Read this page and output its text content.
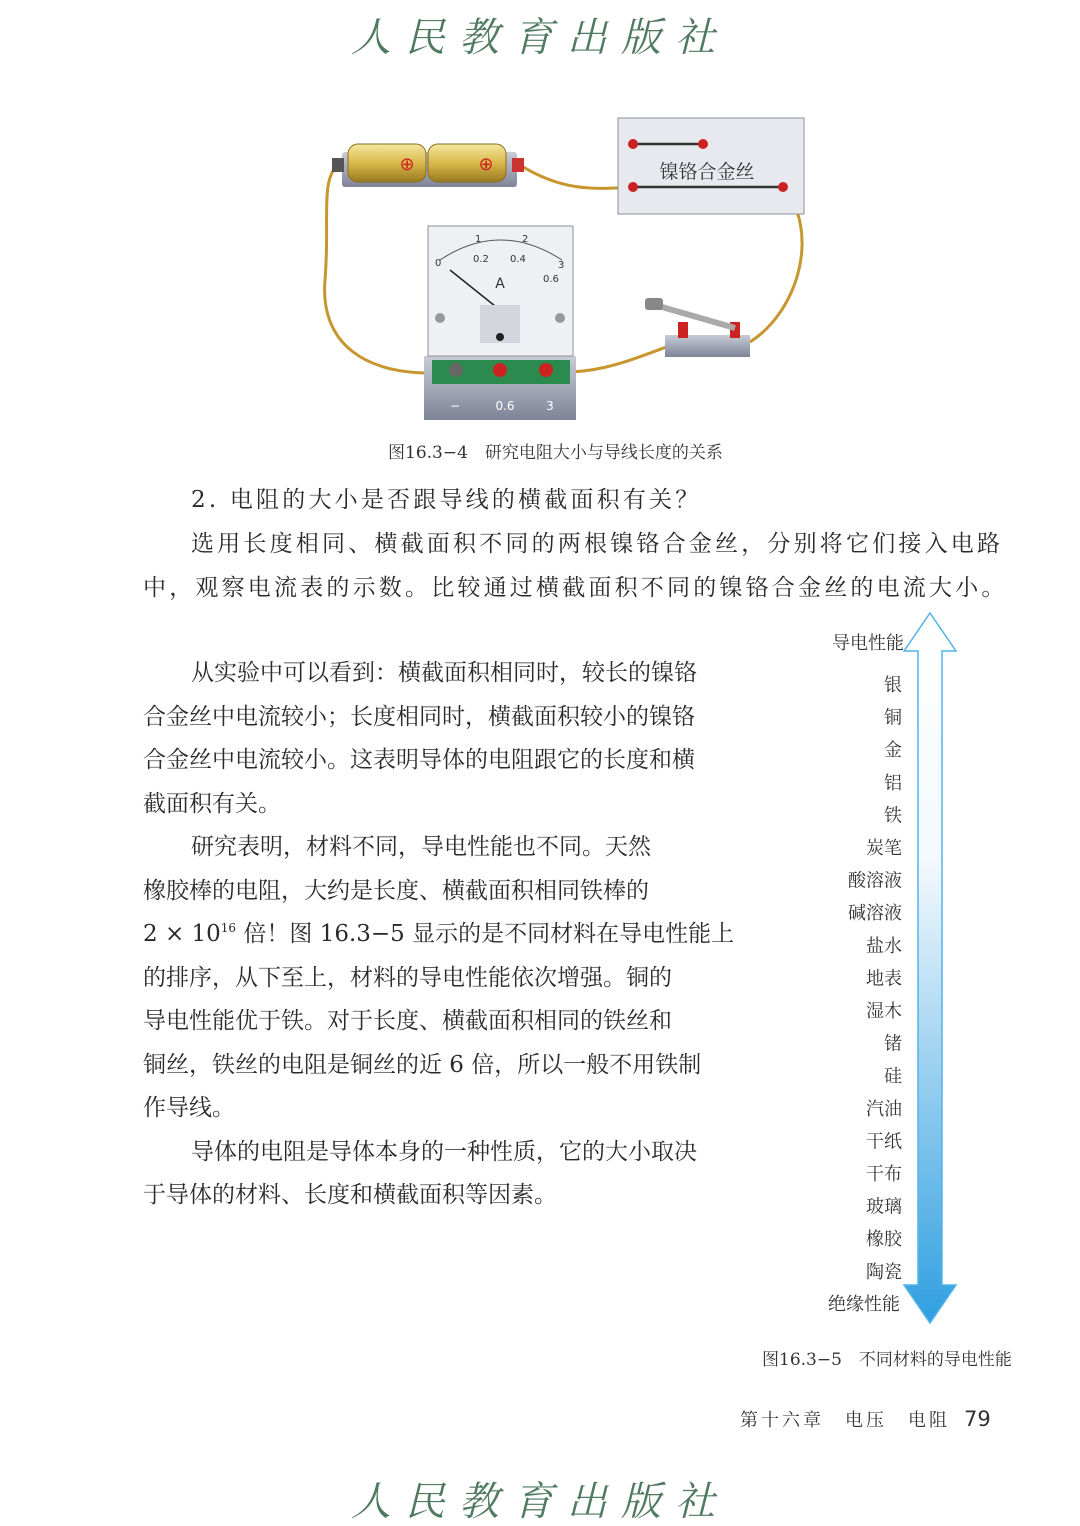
人民教育出版社
⊕	⊕	镍铬合金丝
1	2
3
0	0.2 0.4
0.6
A
−	0.6	3
图16.3−4　研究电阻大小与导线长度的关系
2. 电阻的大小是否跟导线的横截面积有关？
选用长度相同、横截面积不同的两根镍铬合金丝，分别将它们接入电路
中，观察电流表的示数。比较通过横截面积不同的镍铬合金丝的电流大小。
从实验中可以看到：横截面积相同时，较长的镍铬
合金丝中电流较小；长度相同时，横截面积较小的镍铬
合金丝中电流较小。这表明导体的电阻跟它的长度和横
截面积有关。
研究表明，材料不同，导电性能也不同。天然
橡胶棒的电阻，大约是长度、横截面积相同铁棒的
$2 \times 10^{16}$ 倍！图 16.3−5 显示的是不同材料在导电性能上
的排序，从下至上，材料的导电性能依次增强。铜的
导电性能优于铁。对于长度、横截面积相同的铁丝和
铜丝，铁丝的电阻是铜丝的近 6 倍，所以一般不用铁制
作导线。
导体的电阻是导体本身的一种性质，它的大小取决
于导体的材料、长度和横截面积等因素。
导电性能
绝缘性能
银
铜
金
铝
铁
炭笔
酸溶液
碱溶液
盐水
地表
湿木
锗
硅
汽油
干纸
干布
玻璃
橡胶
陶瓷
图16.3−5　不同材料的导电性能
第十六章　电压　电阻 79
人民教育出版社
